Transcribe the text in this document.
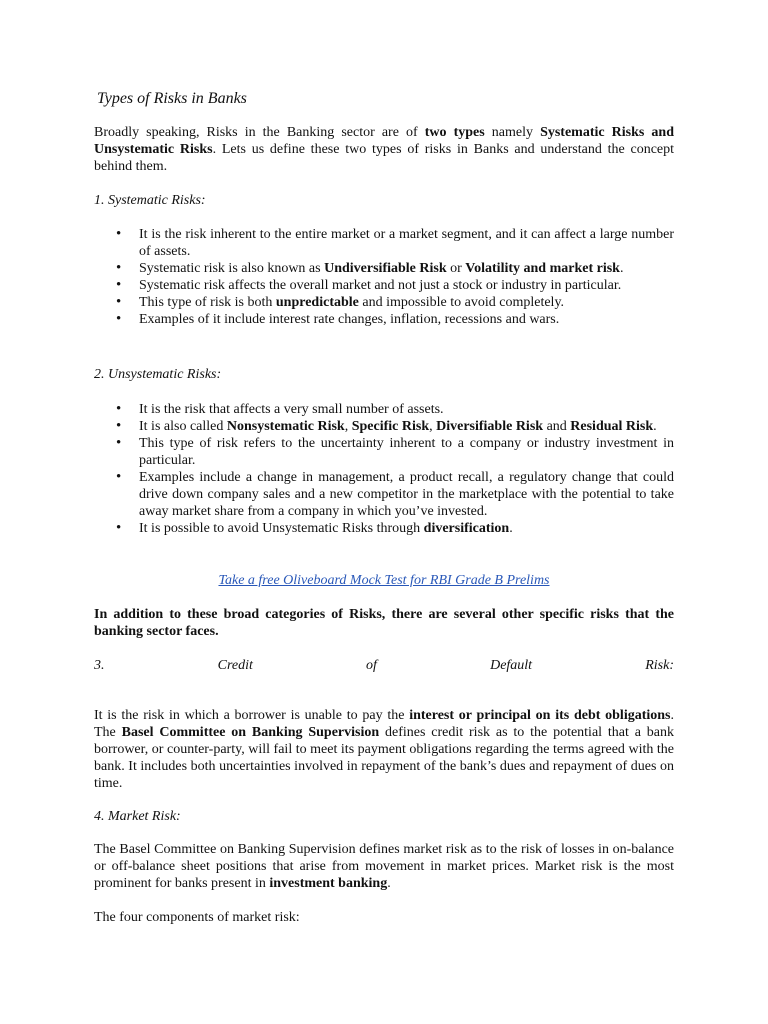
Types of Risks in Banks

Broadly speaking, Risks in the Banking sector are of two types namely Systematic Risks and Unsystematic Risks. Lets us define these two types of risks in Banks and understand the concept behind them.

1. Systematic Risks:

• It is the risk inherent to the entire market or a market segment, and it can affect a large number of assets.
• Systematic risk is also known as Undiversifiable Risk or Volatility and market risk.
• Systematic risk affects the overall market and not just a stock or industry in particular.
• This type of risk is both unpredictable and impossible to avoid completely.
• Examples of it include interest rate changes, inflation, recessions and wars.

2. Unsystematic Risks:

• It is the risk that affects a very small number of assets.
• It is also called Nonsystematic Risk, Specific Risk, Diversifiable Risk and Residual Risk.
• This type of risk refers to the uncertainty inherent to a company or industry investment in particular.
• Examples include a change in management, a product recall, a regulatory change that could drive down company sales and a new competitor in the marketplace with the potential to take away market share from a company in which you’ve invested.
• It is possible to avoid Unsystematic Risks through diversification.
Take a free Oliveboard Mock Test for RBI Grade B Prelims

In addition to these broad categories of Risks, there are several other specific risks that the banking sector faces.

3.	Credit	of	Default	Risk:

It is the risk in which a borrower is unable to pay the interest or principal on its debt obligations. The Basel Committee on Banking Supervision defines credit risk as to the potential that a bank borrower, or counter-party, will fail to meet its payment obligations regarding the terms agreed with the bank. It includes both uncertainties involved in repayment of the bank’s dues and repayment of dues on time.

4. Market Risk:

The Basel Committee on Banking Supervision defines market risk as to the risk of losses in on-balance or off-balance sheet positions that arise from movement in market prices. Market risk is the most prominent for banks present in investment banking.

The four components of market risk:
